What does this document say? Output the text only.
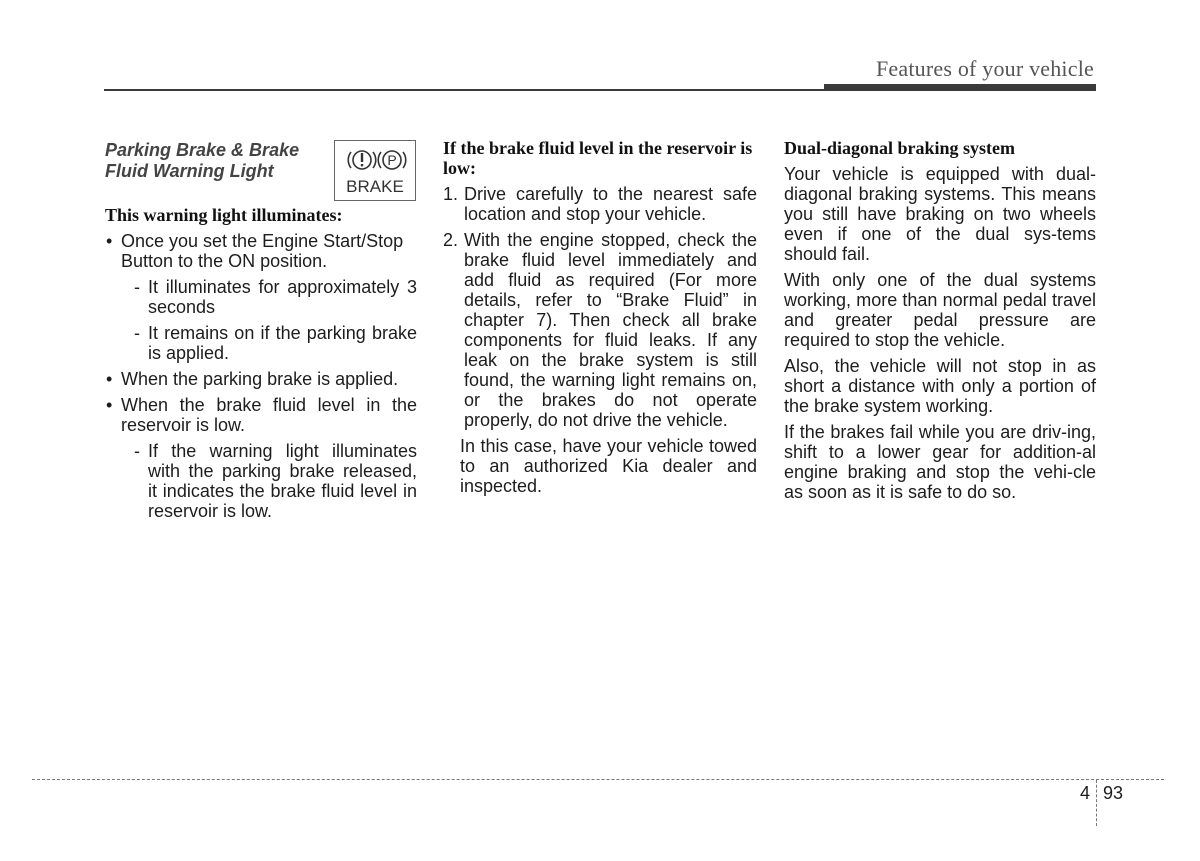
Features of your vehicle
P
BRAKE
Parking Brake & Brake Fluid Warning Light
This warning light illuminates:
• Once you set the Engine Start/Stop Button to the ON position.
- It illuminates for approximately 3 seconds
- It remains on if the parking brake is applied.
• When the parking brake is applied.
• When the brake fluid level in the reservoir is low.
- If the warning light illuminates with the parking brake released, it indicates the brake fluid level in reservoir is low.
If the brake fluid level in the reservoir is low:
1. Drive carefully to the nearest safe location and stop your vehicle.
2. With the engine stopped, check the brake fluid level immediately and add fluid as required (For more details, refer to “Brake Fluid” in chapter 7). Then check all brake components for fluid leaks. If any leak on the brake system is still found, the warning light remains on, or the brakes do not operate properly, do not drive the vehicle.

In this case, have your vehicle towed to an authorized Kia dealer and inspected.

Dual-diagonal braking system

Your vehicle is equipped with dual-diagonal braking systems. This means you still have braking on two wheels even if one of the dual sys-tems should fail.

With only one of the dual systems working, more than normal pedal travel and greater pedal pressure are required to stop the vehicle.

Also, the vehicle will not stop in as short a distance with only a portion of the brake system working.

If the brakes fail while you are driv-ing, shift to a lower gear for addition-al engine braking and stop the vehi-cle as soon as it is safe to do so.

4 93
